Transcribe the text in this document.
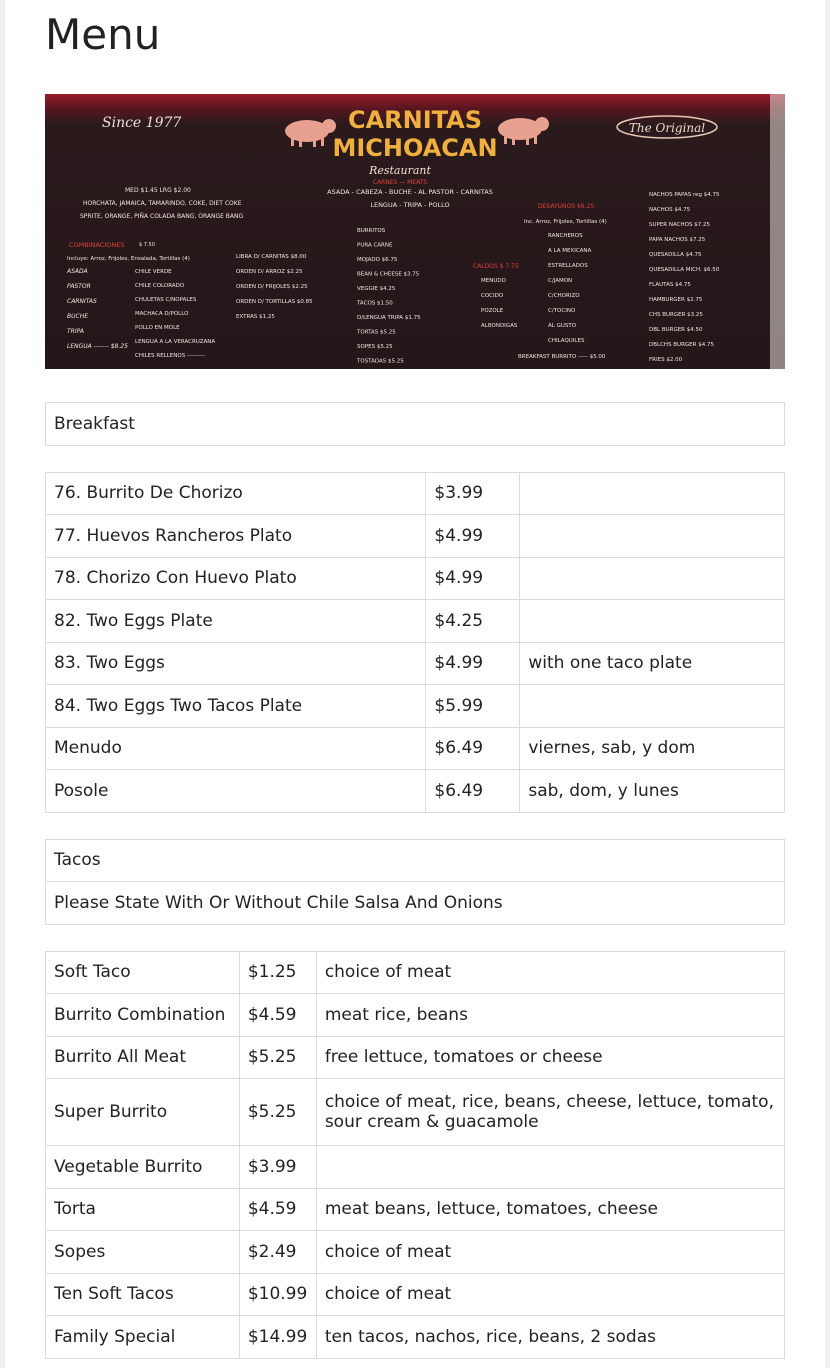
Menu
The Original
Since 1977	CARNITAS
MICHOACAN
Restaurant
CARNES — MEATS
ASADA - CABEZA - BUCHE - AL PASTOR - CARNITAS
LENGUA - TRIPA - POLLO
MED $1.45 LRG $2.00
HORCHATA, JAMAICA, TAMARINDO, COKE, DIET COKE
SPRITE, ORANGE, PIÑA COLADA BANG, ORANGE BANG
COMBINACIONES	$ 7.50
Incluye: Arroz, Frijoles, Ensalada, Tortillas (4)
ASADA
PASTOR
CARNITAS
BUCHE
TRIPA
LENGUA ------- $8.25
CHILE VERDE
CHILE COLORADO
CHULETAS C/NOPALES
MACHACA D/POLLO
POLLO EN MOLE
LENGUA A LA VERACRUZANA
CHILES RELLENOS ---------
LIBRA D/ CARNITAS $8.00
ORDEN D/ ARROZ $2.25
ORDEN D/ FRIJOLES $2.25
ORDEN D/ TORTILLAS $0.85
EXTRAS $1.25
BURRITOS
PURA CARNE
MOJADO $6.75
BEAN & CHEESE $3.75
VEGGIE $4.25
TACOS $1.50
D/LENGUA TRIPA $1.75
TORTAS $5.25
SOPES $5.25
TOSTADAS $5.25
CALDOS $ 7.75
MENUDO
COCIDO
POZOLE
ALBONDIGAS
DESAYUNOS $6.25
Inc. Arroz, Frijoles, Tortillas (4)
RANCHEROS
A LA MEXICANA
ESTRELLADOS
C/JAMON
C/CHORIZO
C/TOCINO
AL GUSTO
CHILAQUILES
BREAKFAST BURRITO ----- $5.00
NACHOS PAPAS reg $4.75
NACHOS $4.75
SUPER NACHOS $7.25
PAPA NACHOS $7.25
QUESADILLA $4.75
QUESADILLA MICH. $6.50
FLAUTAS $4.75
HAMBURGER $2.75
CHS BURGER $3.25
DBL BURGER $4.50
DBLCHS BURGER $4.75
FRIES $2.00
Breakfast
76. Burrito De Chorizo	$3.99	
77. Huevos Rancheros Plato	$4.99	
78. Chorizo Con Huevo Plato	$4.99	
82. Two Eggs Plate	$4.25	
83. Two Eggs	$4.99	with one taco plate
84. Two Eggs Two Tacos Plate	$5.99	
Menudo	$6.49	viernes, sab, y dom
Posole	$6.49	sab, dom, y lunes
Tacos
Please State With Or Without Chile Salsa And Onions
Soft Taco	$1.25	choice of meat
Burrito Combination	$4.59	meat rice, beans
Burrito All Meat	$5.25	free lettuce, tomatoes or cheese
Super Burrito	$5.25	choice of meat, rice, beans, cheese, lettuce, tomato, sour cream & guacamole
Vegetable Burrito	$3.99	
Torta	$4.59	meat beans, lettuce, tomatoes, cheese
Sopes	$2.49	choice of meat
Ten Soft Tacos	$10.99	choice of meat
Family Special	$14.99	ten tacos, nachos, rice, beans, 2 sodas
